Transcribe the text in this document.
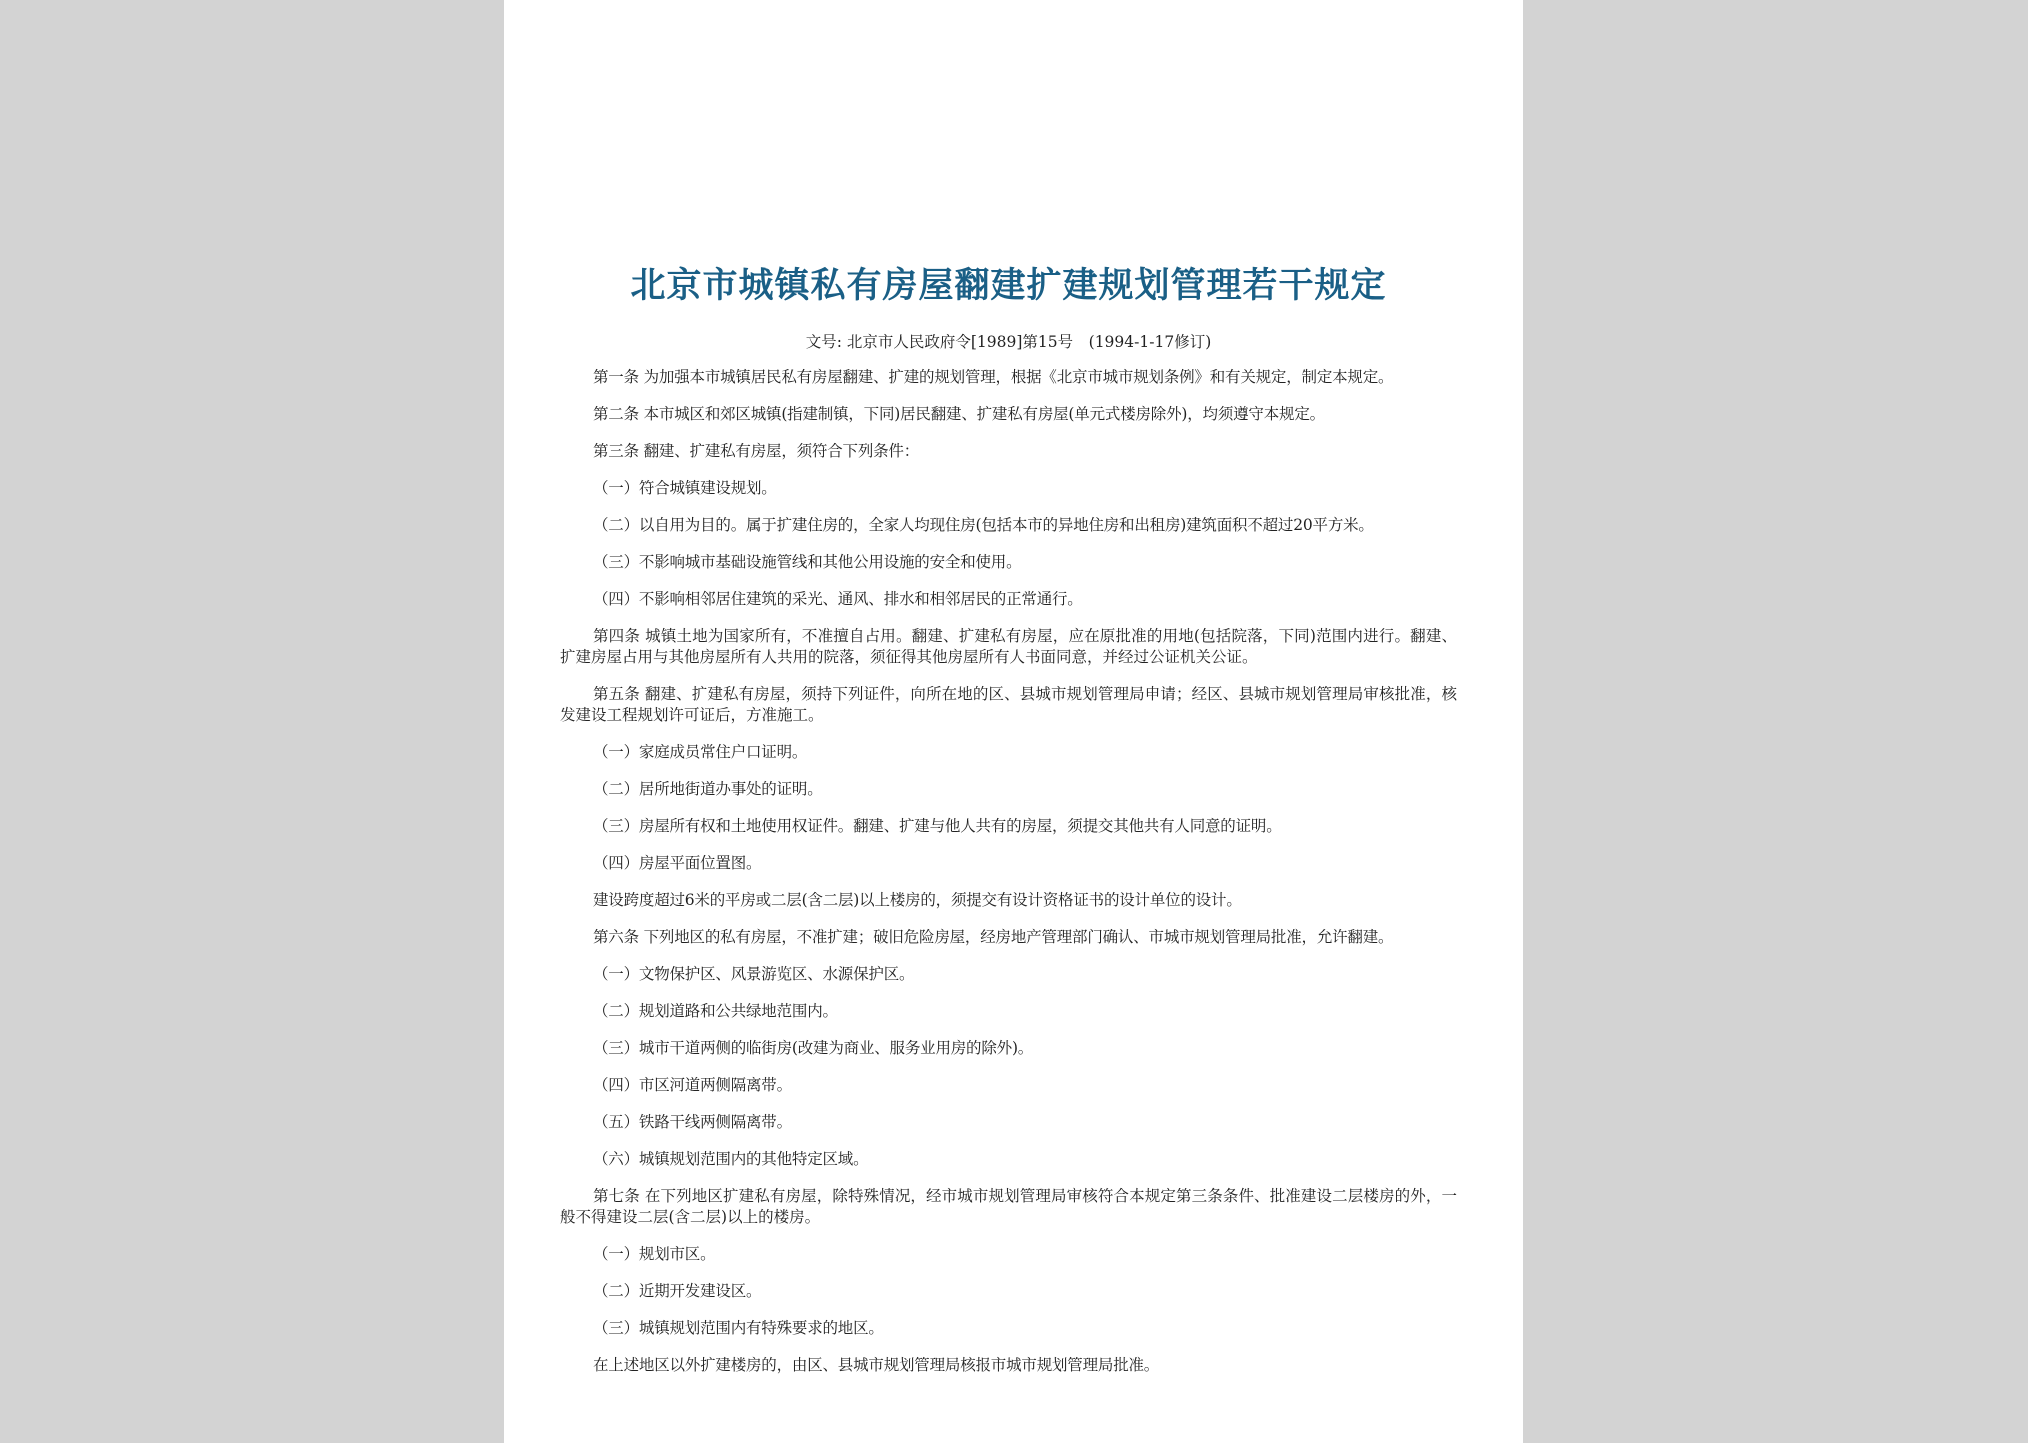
北京市城镇私有房屋翻建扩建规划管理若干规定
文号: 北京市人民政府令[1989]第15号　(1994-1-17修订)

第一条 为加强本市城镇居民私有房屋翻建、扩建的规划管理，根据《北京市城市规划条例》和有关规定，制定本规定。

第二条 本市城区和郊区城镇(指建制镇，下同)居民翻建、扩建私有房屋(单元式楼房除外)，均须遵守本规定。

第三条 翻建、扩建私有房屋，须符合下列条件：

（一）符合城镇建设规划。

（二）以自用为目的。属于扩建住房的，全家人均现住房(包括本市的异地住房和出租房)建筑面积不超过20平方米。

（三）不影响城市基础设施管线和其他公用设施的安全和使用。

（四）不影响相邻居住建筑的采光、通风、排水和相邻居民的正常通行。

第四条 城镇土地为国家所有，不准擅自占用。翻建、扩建私有房屋，应在原批准的用地(包括院落，下同)范围内进行。翻建、扩建房屋占用与其他房屋所有人共用的院落，须征得其他房屋所有人书面同意，并经过公证机关公证。

第五条 翻建、扩建私有房屋，须持下列证件，向所在地的区、县城市规划管理局申请；经区、县城市规划管理局审核批准，核发建设工程规划许可证后，方准施工。

（一）家庭成员常住户口证明。

（二）居所地街道办事处的证明。

（三）房屋所有权和土地使用权证件。翻建、扩建与他人共有的房屋，须提交其他共有人同意的证明。

（四）房屋平面位置图。

建设跨度超过6米的平房或二层(含二层)以上楼房的，须提交有设计资格证书的设计单位的设计。

第六条 下列地区的私有房屋，不准扩建；破旧危险房屋，经房地产管理部门确认、市城市规划管理局批准，允许翻建。

（一）文物保护区、风景游览区、水源保护区。

（二）规划道路和公共绿地范围内。

（三）城市干道两侧的临街房(改建为商业、服务业用房的除外)。

（四）市区河道两侧隔离带。

（五）铁路干线两侧隔离带。

（六）城镇规划范围内的其他特定区域。

第七条 在下列地区扩建私有房屋，除特殊情况，经市城市规划管理局审核符合本规定第三条条件、批准建设二层楼房的外，一般不得建设二层(含二层)以上的楼房。

（一）规划市区。

（二）近期开发建设区。

（三）城镇规划范围内有特殊要求的地区。

在上述地区以外扩建楼房的，由区、县城市规划管理局核报市城市规划管理局批准。
